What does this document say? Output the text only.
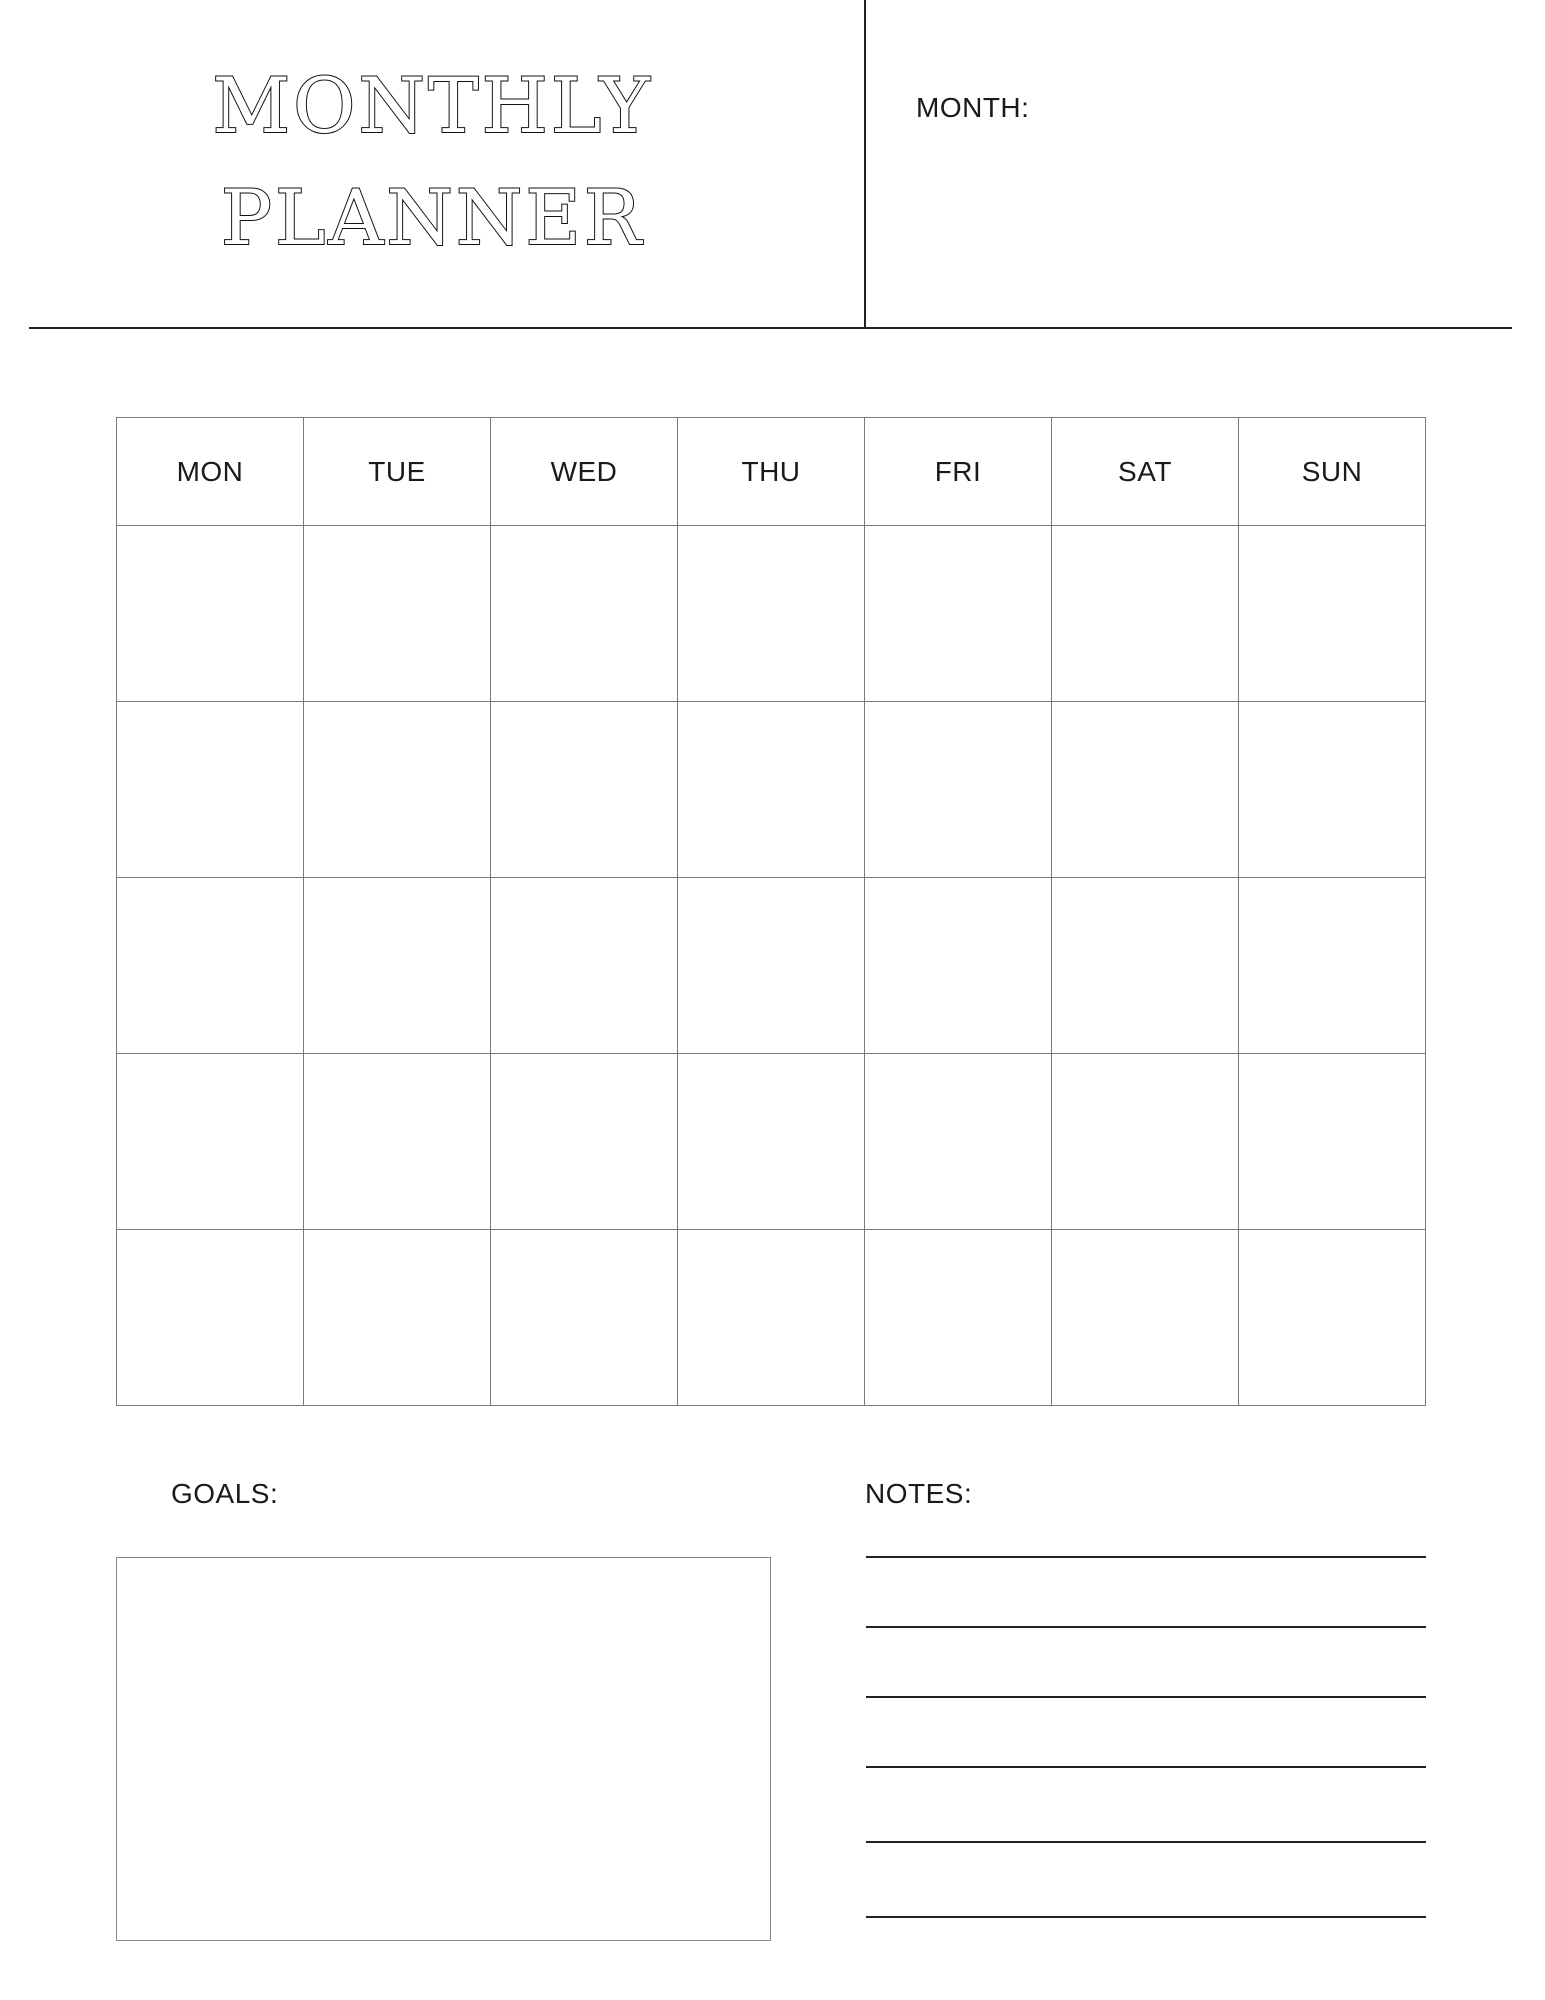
MONTHLY
PLANNER
MONTH:
MON	TUE	WED	THU	FRI	SAT	SUN

GOALS:	NOTES:
